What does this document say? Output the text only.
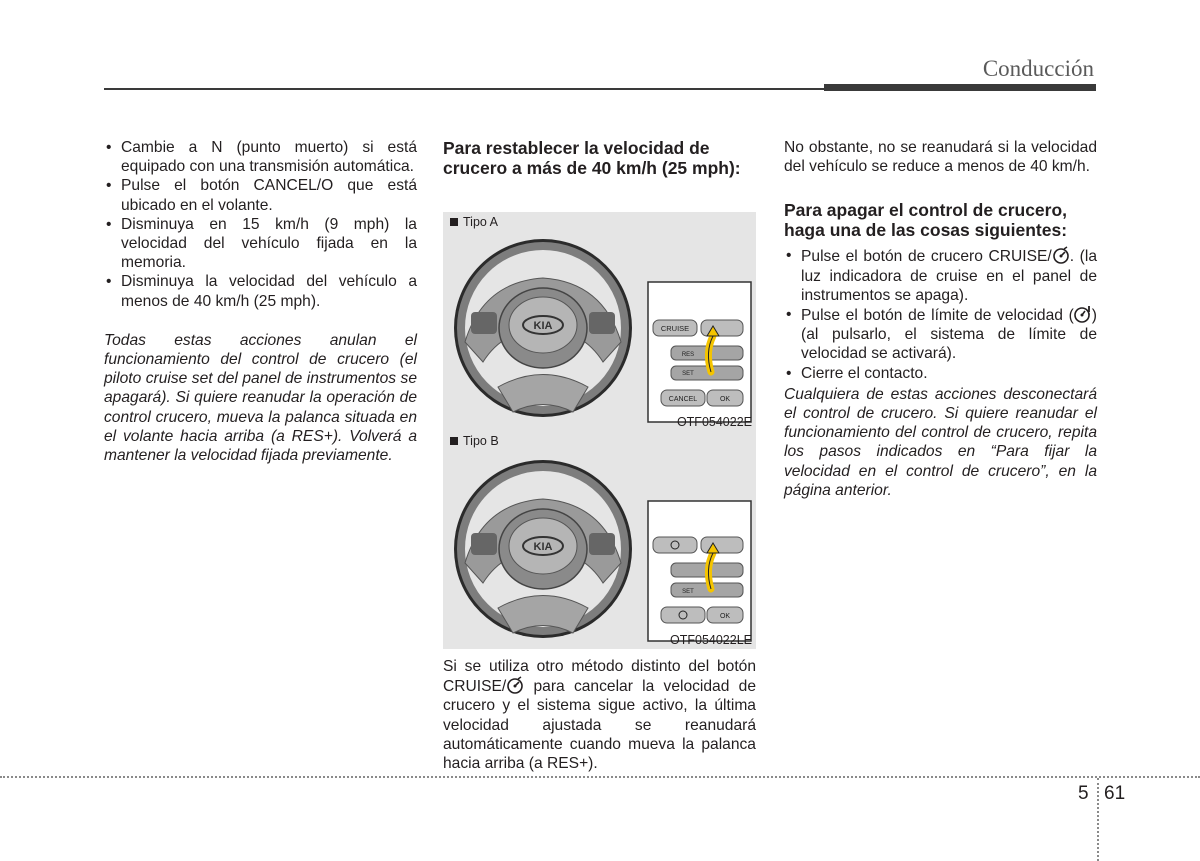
Conducción
• Cambie a N (punto muerto) si está equipado con una transmisión automática.
• Pulse el botón CANCEL/O que está ubicado en el volante.
• Disminuya en 15 km/h (9 mph) la velocidad del vehículo fijada en la memoria.
• Disminuya la velocidad del vehículo a menos de 40 km/h (25 mph).

Todas estas acciones anulan el funcionamiento del control de crucero (el piloto cruise set del panel de instrumentos se apagará). Si quiere reanudar la operación de control crucero, mueva la palanca situada en el volante hacia arriba (a RES+). Volverá a mantener la velocidad fijada previamente.

Para restablecer la velocidad de crucero a más de 40 km/h (25 mph):
KIA	CRUISE
RES
SET
CANCEL	OK
Tipo A
OTF054022E
KIA
SET
OK
Tipo B
OTF054022LE

Si se utiliza otro método distinto del botón CRUISE/ para cancelar la velocidad de crucero y el sistema sigue activo, la última velocidad ajustada se reanudará automáticamente cuando mueva la palanca hacia arriba (a RES+).

No obstante, no se reanudará si la velocidad del vehículo se reduce a menos de 40 km/h.

Para apagar el control de crucero, haga una de las cosas siguientes:
• Pulse el botón de crucero CRUISE/ . (la luz indicadora de cruise en el panel de instrumentos se apaga).
• Pulse el botón de límite de velocidad ( ) (al pulsarlo, el sistema de límite de velocidad se activará).
• Cierre el contacto.

Cualquiera de estas acciones desconectará el control de crucero. Si quiere reanudar el funcionamiento del control de crucero, repita los pasos indicados en “Para fijar la velocidad en el control de crucero”, en la página anterior.

5 61
